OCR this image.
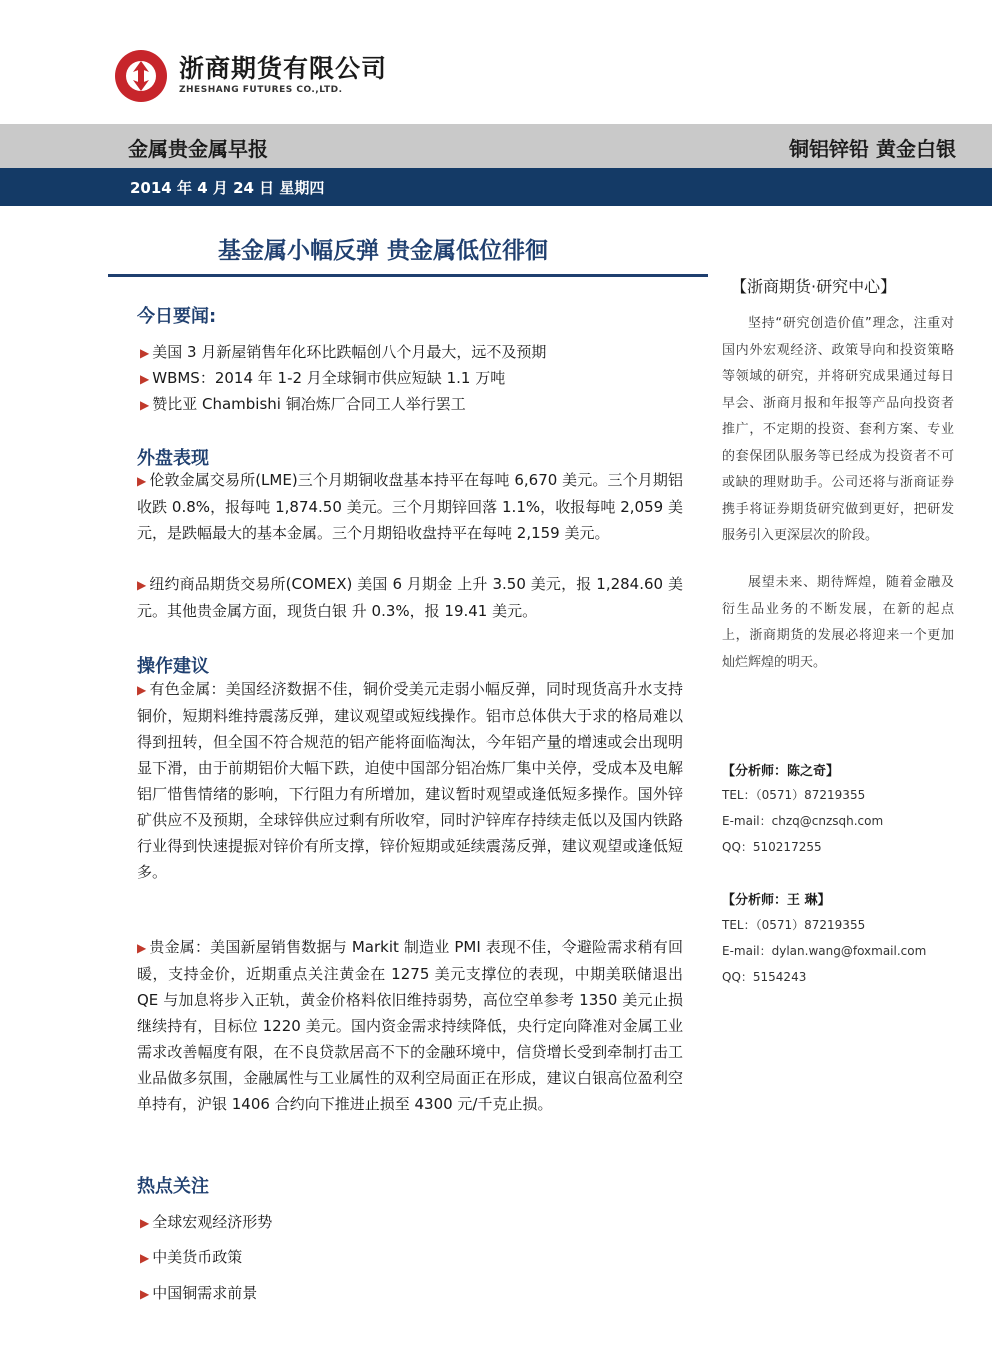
浙商期货有限公司
ZHESHANG FUTURES CO.,LTD.
金属贵金属早报	铜铝锌铅 黄金白银
2014 年 4 月 24 日 星期四
基金属小幅反弹 贵金属低位徘徊
今日要闻:
▶ 美国 3 月新屋销售年化环比跌幅创八个月最大，远不及预期
▶ WBMS：2014 年 1-2 月全球铜市供应短缺 1.1 万吨
▶ 赞比亚 Chambishi 铜冶炼厂合同工人举行罢工
外盘表现
▶ 伦敦金属交易所(LME)三个月期铜收盘基本持平在每吨 6,670 美元。三个月期铝收跌 0.8%，报每吨 1,874.50 美元。三个月期锌回落 1.1%，收报每吨 2,059 美元，是跌幅最大的基本金属。三个月期铅收盘持平在每吨 2,159 美元。
▶ 纽约商品期货交易所(COMEX) 美国 6 月期金 上升 3.50 美元，报 1,284.60 美元。其他贵金属方面，现货白银 升 0.3%，报 19.41 美元。
操作建议
▶ 有色金属：美国经济数据不佳，铜价受美元走弱小幅反弹，同时现货高升水支持铜价，短期料维持震荡反弹，建议观望或短线操作。铝市总体供大于求的格局难以得到扭转，但全国不符合规范的铝产能将面临淘汰，今年铝产量的增速或会出现明显下滑，由于前期铝价大幅下跌，迫使中国部分铝冶炼厂集中关停，受成本及电解铝厂惜售情绪的影响，下行阻力有所增加，建议暂时观望或逢低短多操作。国外锌矿供应不及预期，全球锌供应过剩有所收窄，同时沪锌库存持续走低以及国内铁路行业得到快速提振对锌价有所支撑，锌价短期或延续震荡反弹，建议观望或逢低短多。
▶ 贵金属：美国新屋销售数据与 Markit 制造业 PMI 表现不佳，令避险需求稍有回暖，支持金价，近期重点关注黄金在 1275 美元支撑位的表现，中期美联储退出 QE 与加息将步入正轨，黄金价格料依旧维持弱势，高位空单参考 1350 美元止损继续持有，目标位 1220 美元。国内资金需求持续降低，央行定向降准对金属工业需求改善幅度有限，在不良贷款居高不下的金融环境中，信贷增长受到牵制打击工业品做多氛围，金融属性与工业属性的双利空局面正在形成，建议白银高位盈利空单持有，沪银 1406 合约向下推进止损至 4300 元/千克止损。
热点关注
▶ 全球宏观经济形势
▶ 中美货币政策
▶ 中国铜需求前景
【浙商期货·研究中心】
坚持“研究创造价值”理念，注重对国内外宏观经济、政策导向和投资策略等领域的研究，并将研究成果通过每日早会、浙商月报和年报等产品向投资者推广，不定期的投资、套利方案、专业的套保团队服务等已经成为投资者不可或缺的理财助手。公司还将与浙商证券携手将证券期货研究做到更好，把研发服务引入更深层次的阶段。
展望未来、期待辉煌，随着金融及衍生品业务的不断发展，在新的起点上，浙商期货的发展必将迎来一个更加灿烂辉煌的明天。
【分析师：陈之奇】
TEL：（0571）87219355
E-mail：chzq@cnzsqh.com
QQ：510217255
【分析师：王 琳】
TEL：（0571）87219355
E-mail：dylan.wang@foxmail.com
QQ：5154243
